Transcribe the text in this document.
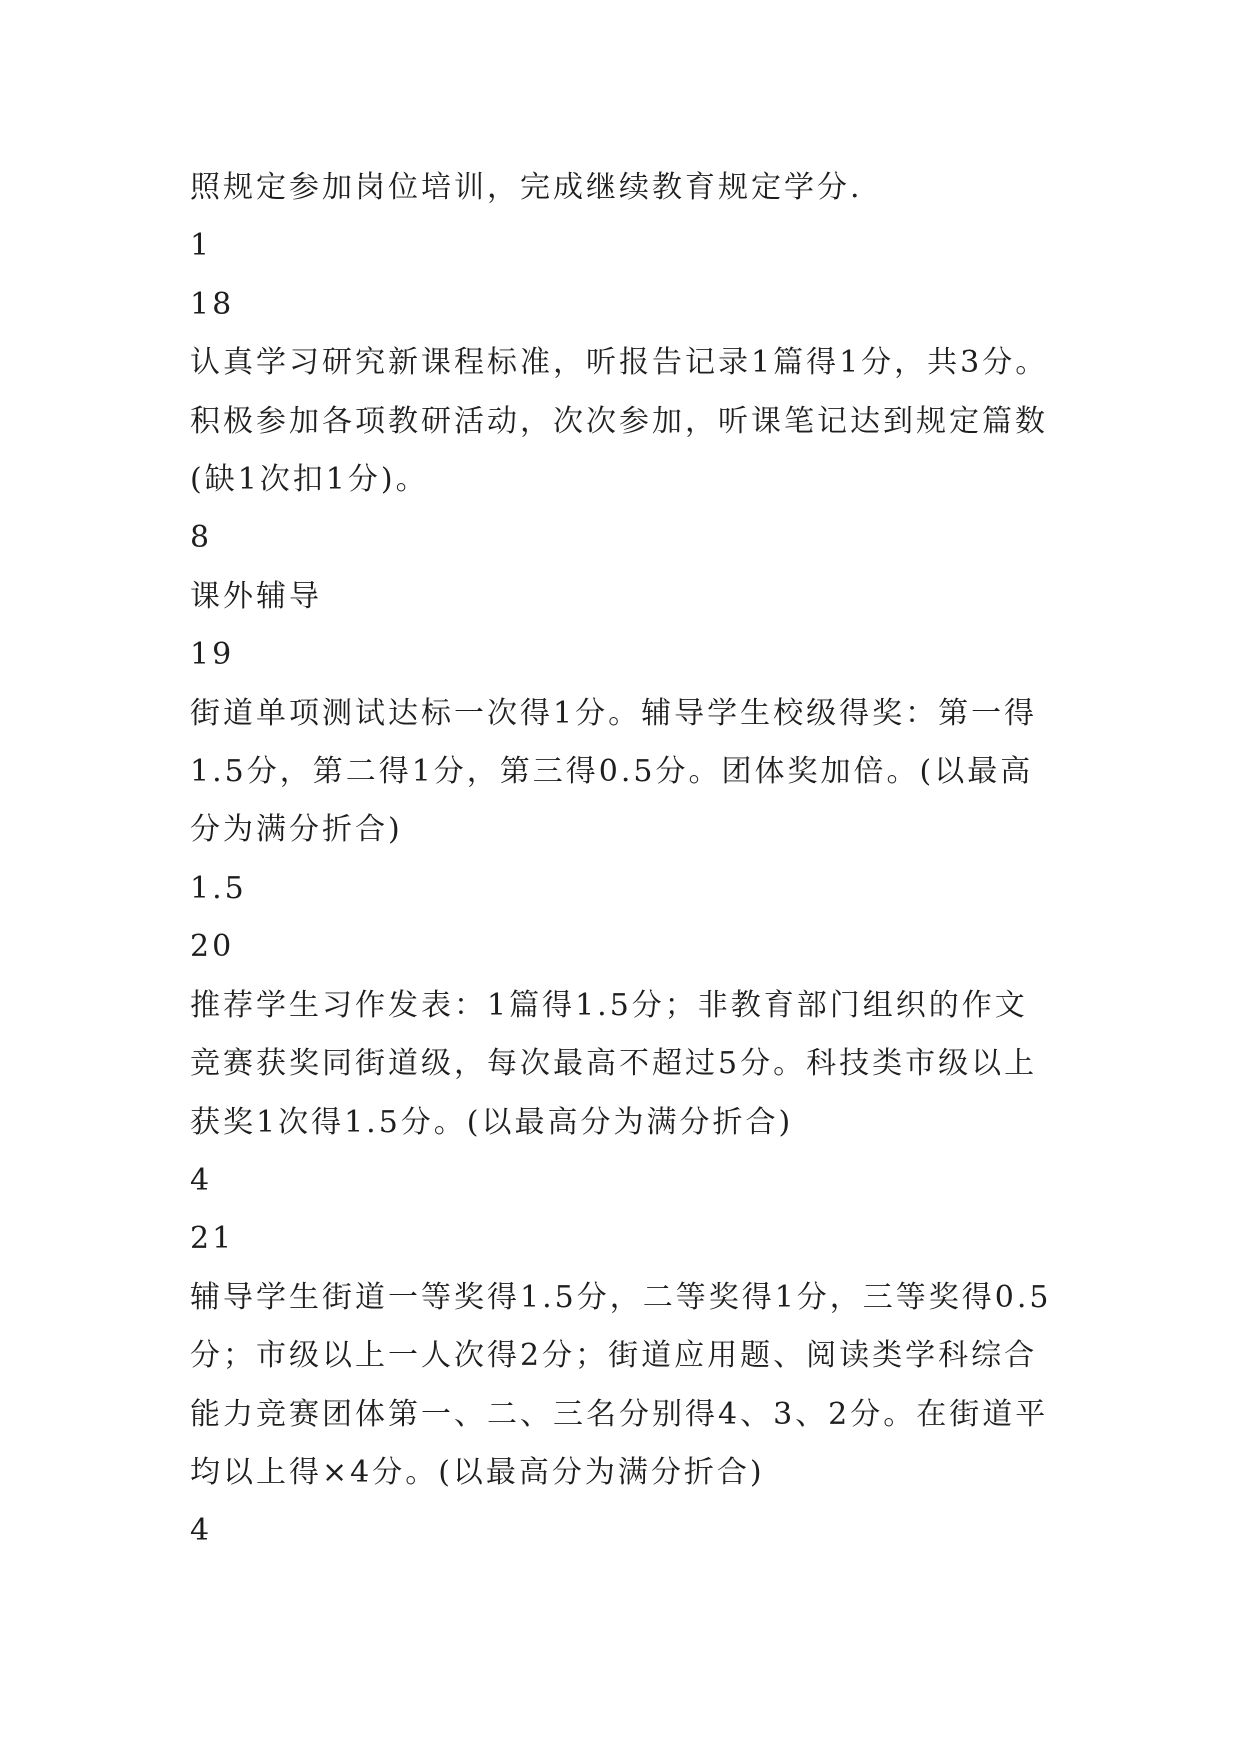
照规定参加岗位培训，完成继续教育规定学分.

1

18

认真学习研究新课程标准，听报告记录1篇得1分，共3分。积极参加各项教研活动，次次参加，听课笔记达到规定篇数(缺1次扣1分)。

8

课外辅导

19

街道单项测试达标一次得1分。辅导学生校级得奖：第一得1.5分，第二得1分，第三得0.5分。团体奖加倍。(以最高分为满分折合)

1.5

20

推荐学生习作发表：1篇得1.5分；非教育部门组织的作文竞赛获奖同街道级，每次最高不超过5分。科技类市级以上获奖1次得1.5分。(以最高分为满分折合)

4

21

辅导学生街道一等奖得1.5分，二等奖得1分，三等奖得0.5分；市级以上一人次得2分；街道应用题、阅读类学科综合能力竞赛团体第一、二、三名分别得4、3、2分。在街道平均以上得×4分。(以最高分为满分折合)

4
